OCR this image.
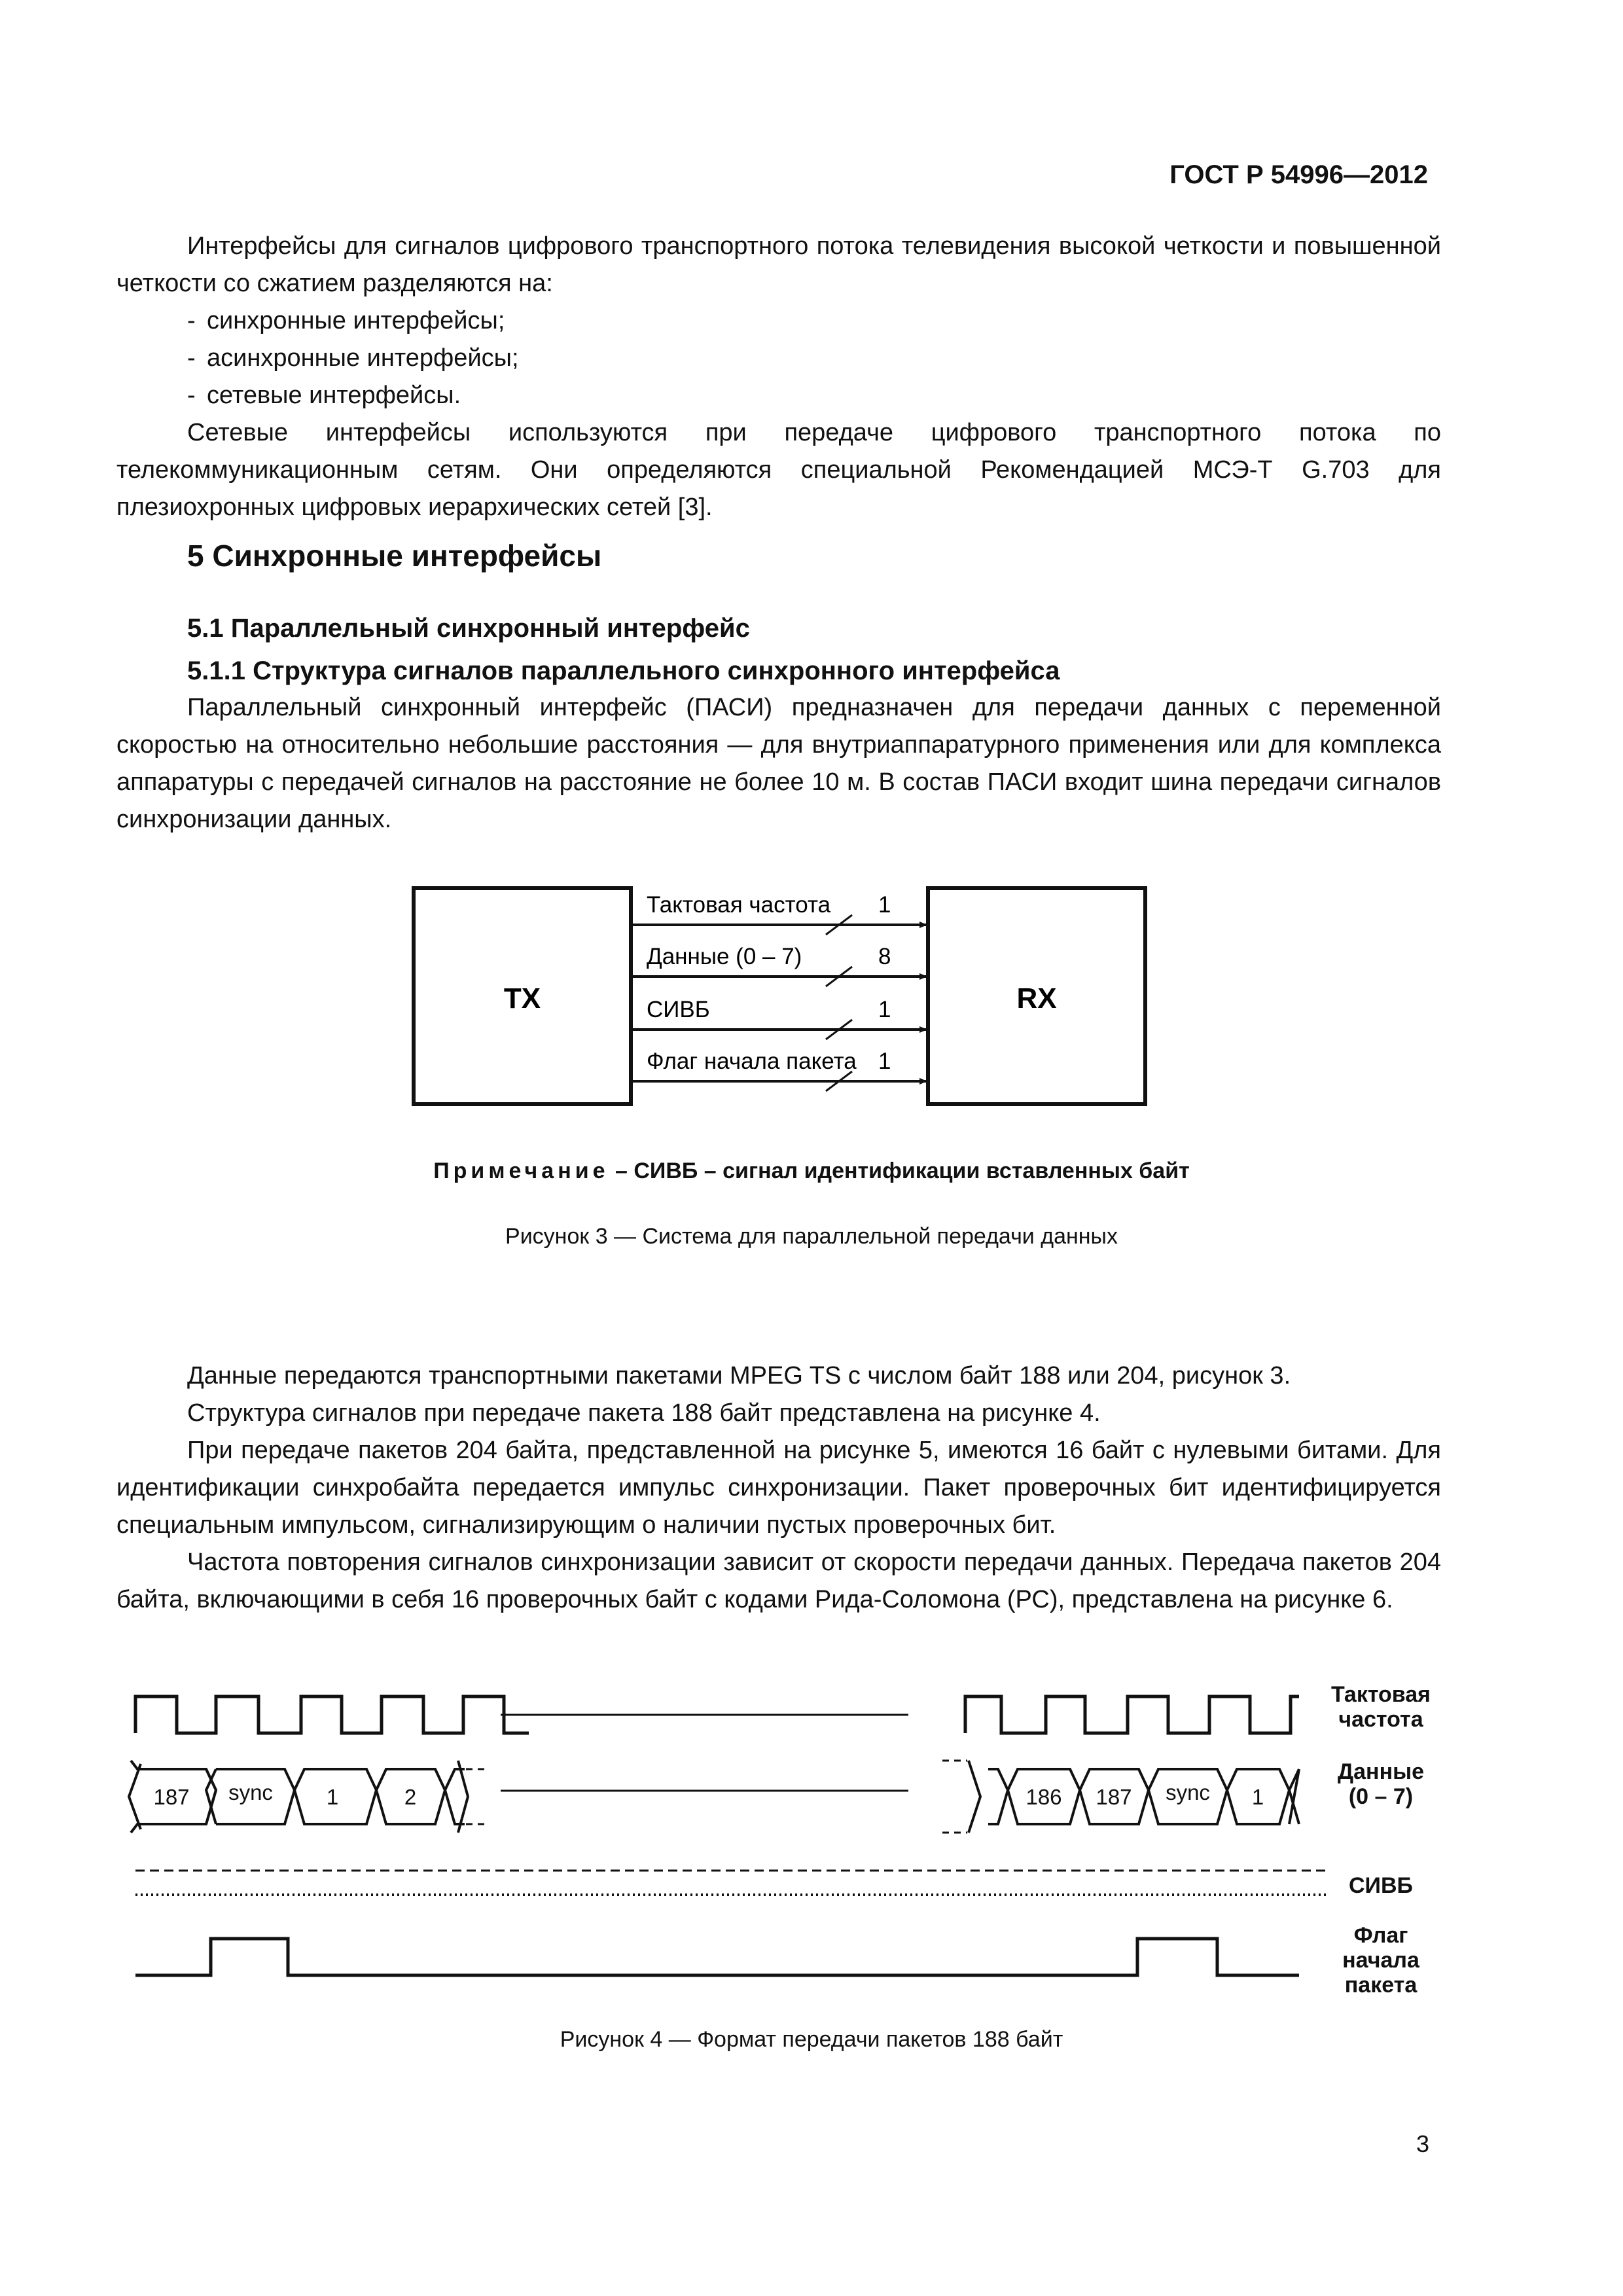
ГОСТ Р 54996—2012

Интерфейсы для сигналов цифрового транспортного потока телевидения высокой четкости и повышенной четкости со сжатием разделяются на:

- синхронные интерфейсы;

- асинхронные интерфейсы;

- сетевые интерфейсы.

Сетевые интерфейсы используются при передаче цифрового транспортного потока по телекоммуникационным сетям. Они определяются специальной Рекомендацией МСЭ-Т G.703 для плезиохронных цифровых иерархических сетей [3].

5 Синхронные интерфейсы
5.1 Параллельный синхронный интерфейс
5.1.1 Структура сигналов параллельного синхронного интерфейса

Параллельный синхронный интерфейс (ПАСИ) предназначен для передачи данных с переменной скоростью на относительно небольшие расстояния — для внутриаппаратурного применения или для комплекса аппаратуры с передачей сигналов на расстояние не более 10 м. В состав ПАСИ входит шина передачи сигналов синхронизации данных.

TX	RX
Тактовая частота 1
Данные (0 – 7)	8
СИВБ	1
Флаг начала пакета 1
Примечание – СИВБ – сигнал идентификации вставленных байт
Рисунок 3 — Система для параллельной передачи данных

Данные передаются транспортными пакетами MPEG TS с числом байт 188 или 204, рисунок 3.

Структура сигналов при передаче пакета 188 байт представлена на рисунке 4.

При передаче пакетов 204 байта, представленной на рисунке 5, имеются 16 байт с нулевыми битами. Для идентификации синхробайта передается импульс синхронизации. Пакет проверочных бит идентифицируется специальным импульсом, сигнализирующим о наличии пустых проверочных бит.

Частота повторения сигналов синхронизации зависит от скорости передачи данных. Передача пакетов 204 байта, включающими в себя 16 проверочных байт с кодами Рида-Соломона (РС), представлена на рисунке 6.

187 sync 1	2	186 187 sync 1
Тактовая
частота
Данные
(0 – 7)
СИВБ
Флаг
начала
пакета
Рисунок 4 — Формат передачи пакетов 188 байт
3
